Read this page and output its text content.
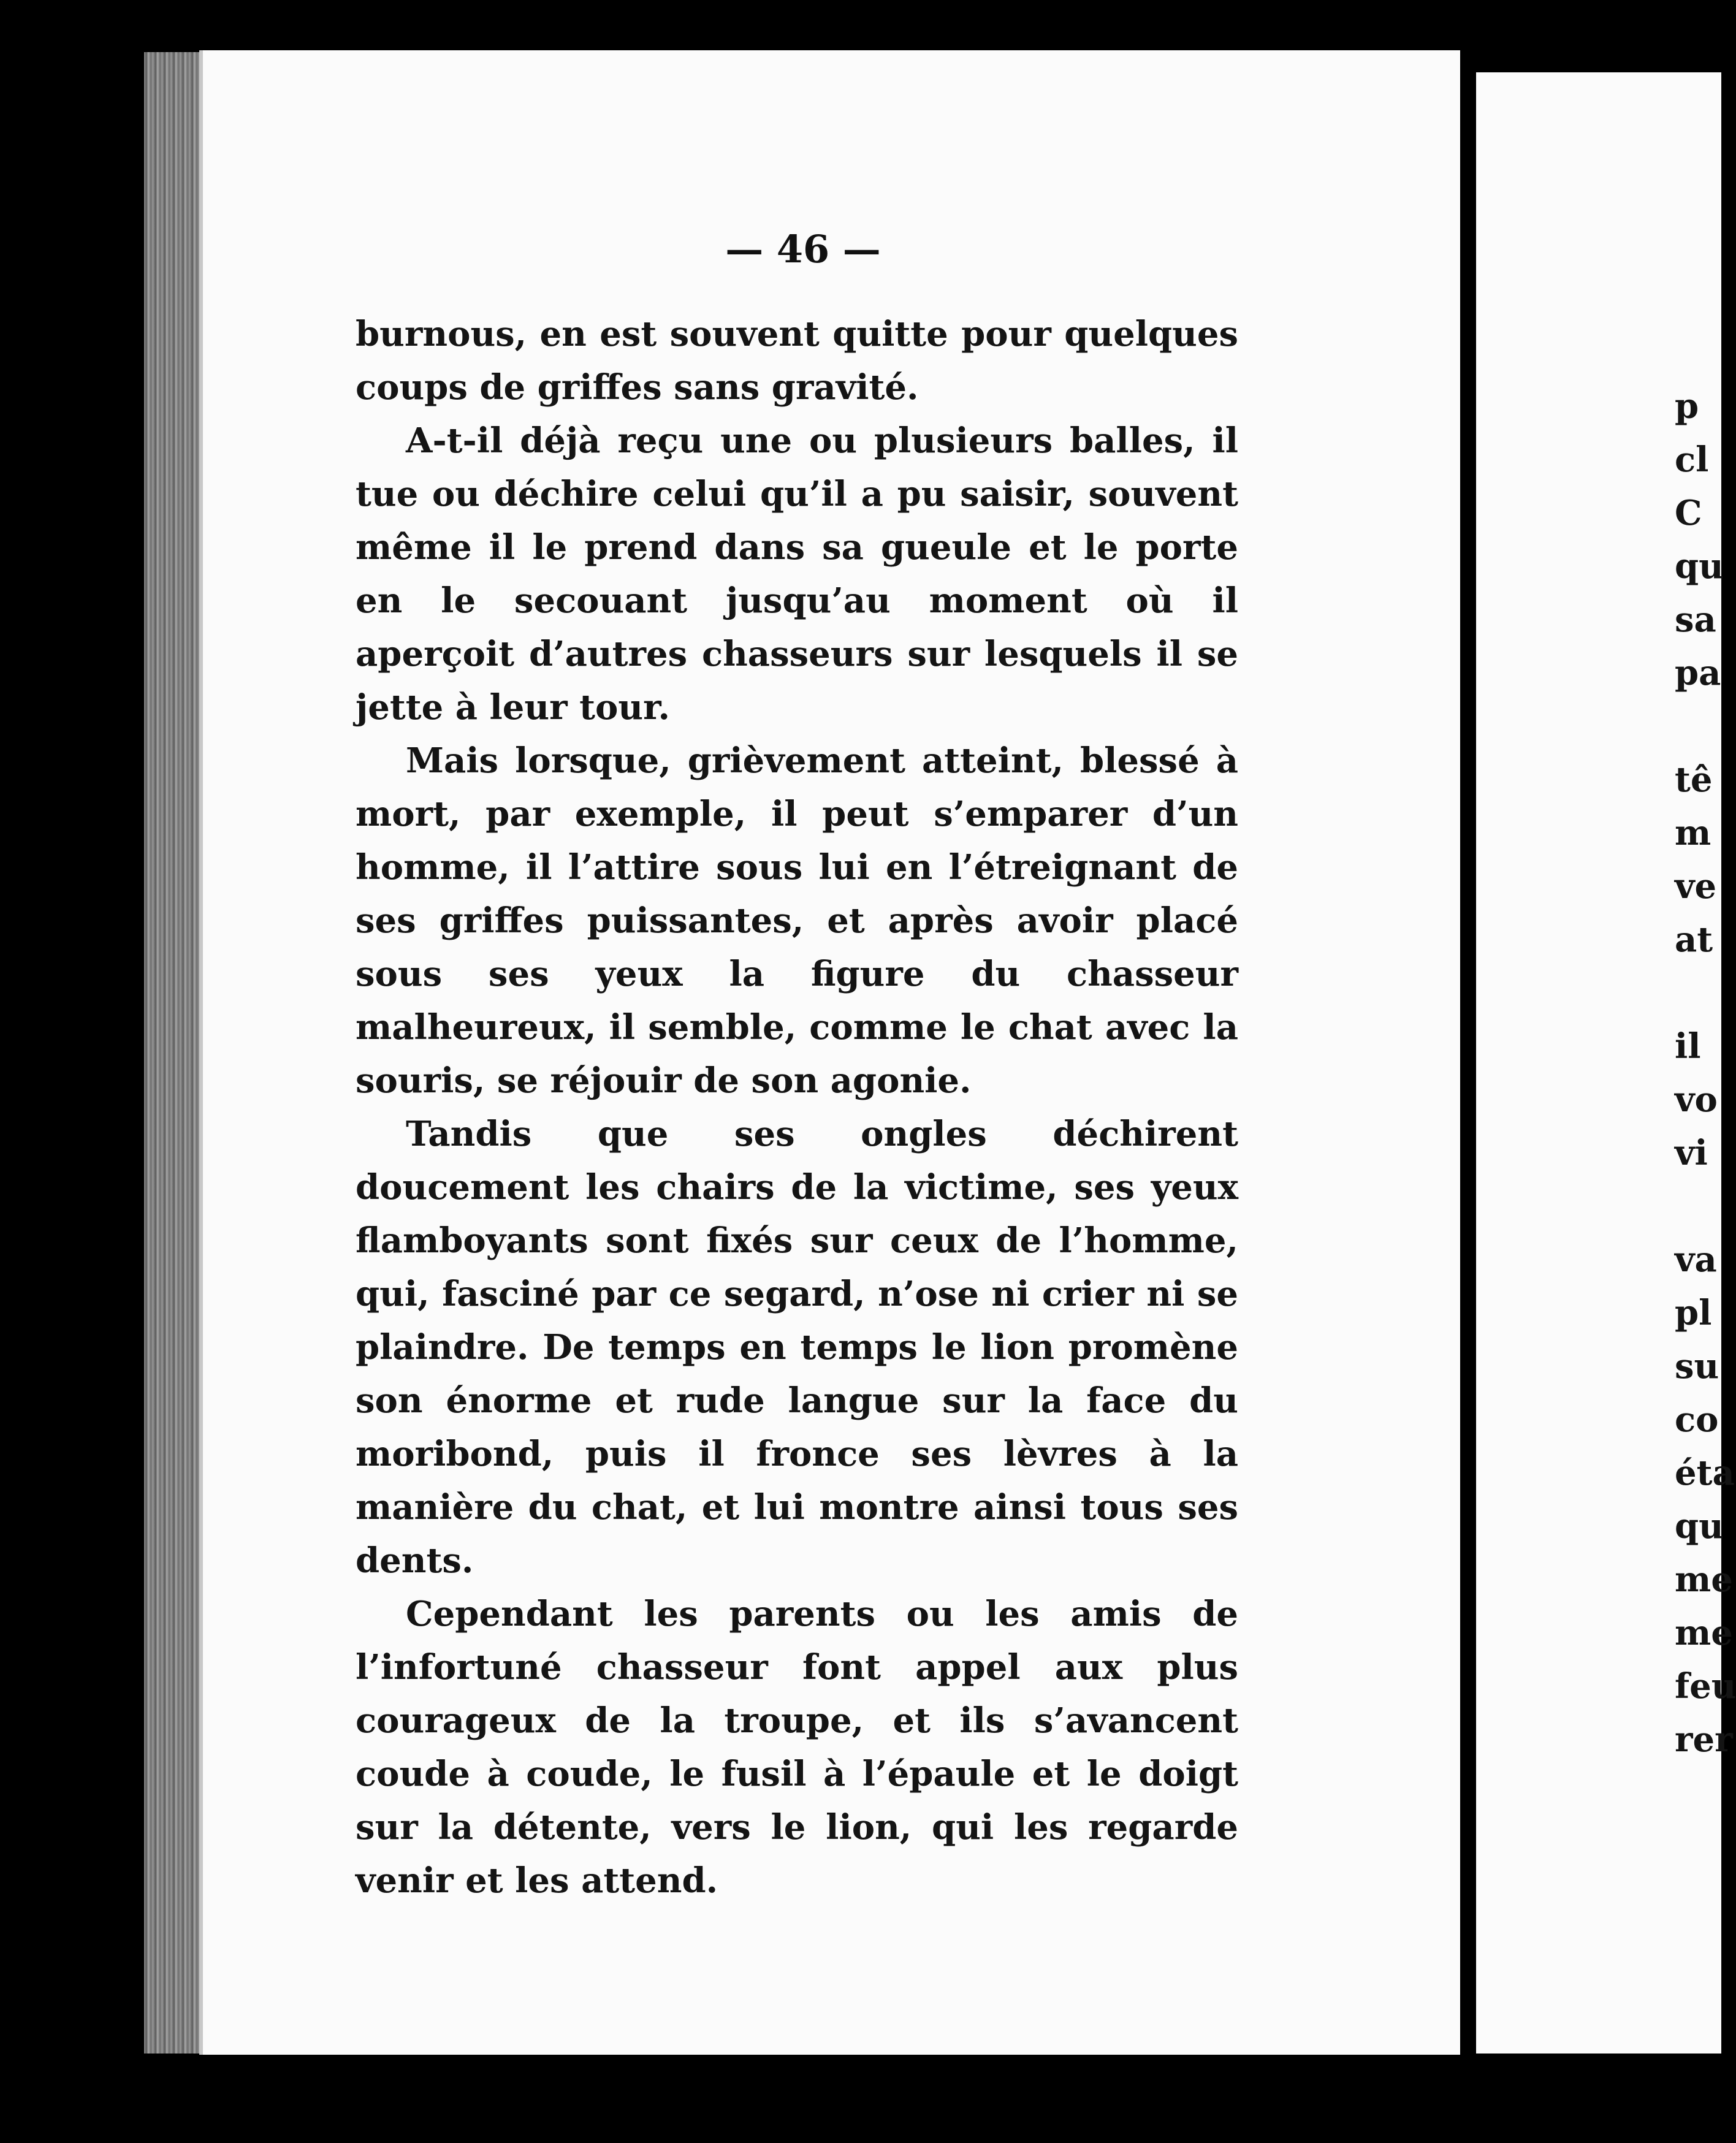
— 46 —
burnous, en est souvent quitte pour quelques coups de griffes sans gravité.
A-t-il déjà reçu une ou plusieurs balles, il tue ou déchire celui qu’il a pu saisir, souvent même il le prend dans sa gueule et le porte en le secouant jusqu’au moment où il aperçoit d’autres chasseurs sur lesquels il se jette à leur tour.
Mais lorsque, grièvement atteint, blessé à mort, par exemple, il peut s’emparer d’un homme, il l’attire sous lui en l’étreignant de ses griffes puissantes, et après avoir placé sous ses yeux la figure du chasseur malheureux, il semble, comme le chat avec la souris, se réjouir de son agonie.
Tandis que ses ongles déchirent doucement les chairs de la victime, ses yeux flamboyants sont fixés sur ceux de l’homme, qui, fasciné par ce segard, n’ose ni crier ni se plaindre. De temps en temps le lion promène son énorme et rude langue sur la face du moribond, puis il fronce ses lèvres à la manière du chat, et lui montre ainsi tous ses dents.
Cependant les parents ou les amis de l’infortuné chasseur font appel aux plus courageux de la troupe, et ils s’avancent coude à coude, le fusil à l’épaule et le doigt sur la détente, vers le lion, qui les regarde venir et les attend.
p
cl
C
qu
sa
pa
tê
m
ve
at
il
vo
vi
va
pl
su
co
éta
qu
me
me
feu
rer
